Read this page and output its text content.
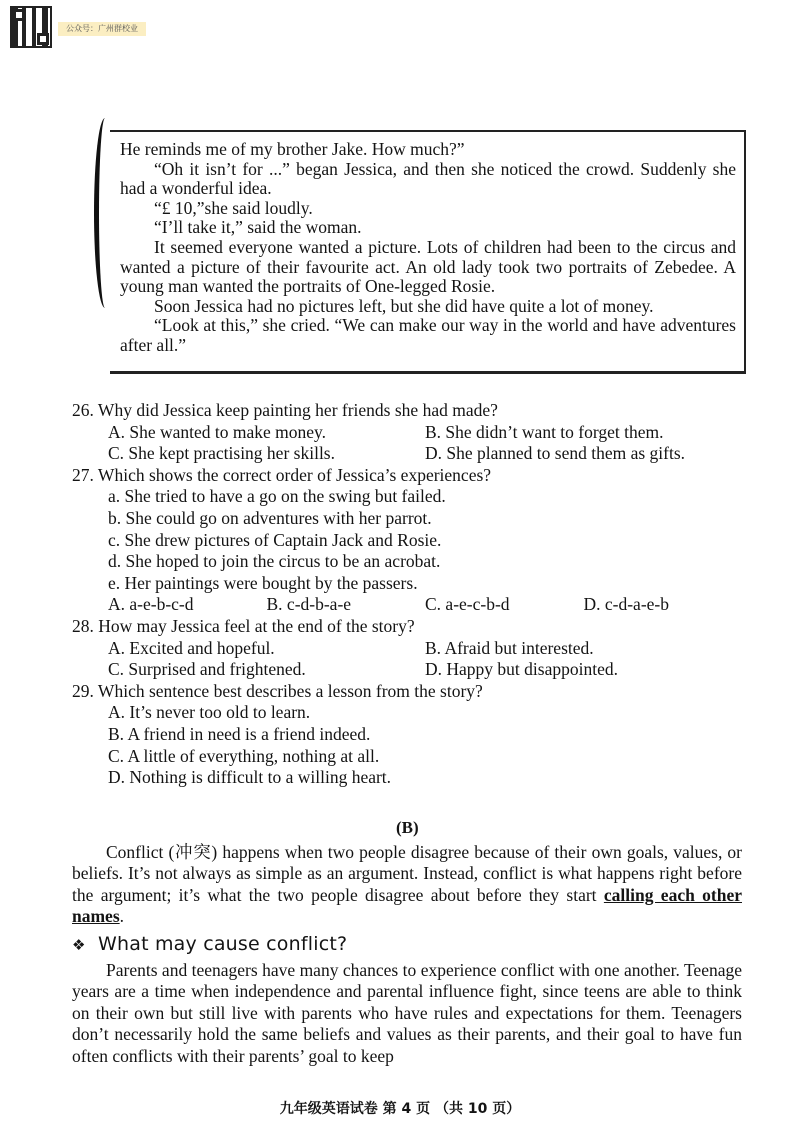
公众号：广州群校业

He reminds me of my brother Jake. How much?”

“Oh it isn’t for ...” began Jessica, and then she noticed the crowd. Suddenly she had a wonderful idea.

“£ 10,”she said loudly.

“I’ll take it,” said the woman.

It seemed everyone wanted a picture. Lots of children had been to the circus and wanted a picture of their favourite act. An old lady took two portraits of Zebedee. A young man wanted the portraits of One-legged Rosie.

Soon Jessica had no pictures left, but she did have quite a lot of money.

“Look at this,” she cried. “We can make our way in the world and have adventures after all.”

26. Why did Jessica keep painting her friends she had made?

A. She wanted to make money.	B. She didn’t want to forget them.
C. She kept practising her skills.	D. She planned to send them as gifts.

27. Which shows the correct order of Jessica’s experiences?

a. She tried to have a go on the swing but failed.
b. She could go on adventures with her parrot.
c. She drew pictures of Captain Jack and Rosie.
d. She hoped to join the circus to be an acrobat.
e. Her paintings were bought by the passers.
A. a-e-b-c-d	B. c-d-b-a-e	C. a-e-c-b-d	D. c-d-a-e-b

28. How may Jessica feel at the end of the story?

A. Excited and hopeful.	B. Afraid but interested.
C. Surprised and frightened.	D. Happy but disappointed.

29. Which sentence best describes a lesson from the story?

A. It’s never too old to learn.
B. A friend in need is a friend indeed.
C. A little of everything, nothing at all.
D. Nothing is difficult to a willing heart.
(B)

Conflict (冲突) happens when two people disagree because of their own goals, values, or beliefs. It’s not always as simple as an argument. Instead, conflict is what happens right before the argument; it’s what the two people disagree about before they start calling each other names.

❖ What may cause conflict?

Parents and teenagers have many chances to experience conflict with one another. Teenage years are a time when independence and parental influence fight, since teens are able to think on their own but still live with parents who have rules and expectations for them. Teenagers don’t necessarily hold the same beliefs and values as their parents, and their goal to have fun often conflicts with their parents’ goal to keep

九年级英语试卷 第 4 页 （共 10 页）
